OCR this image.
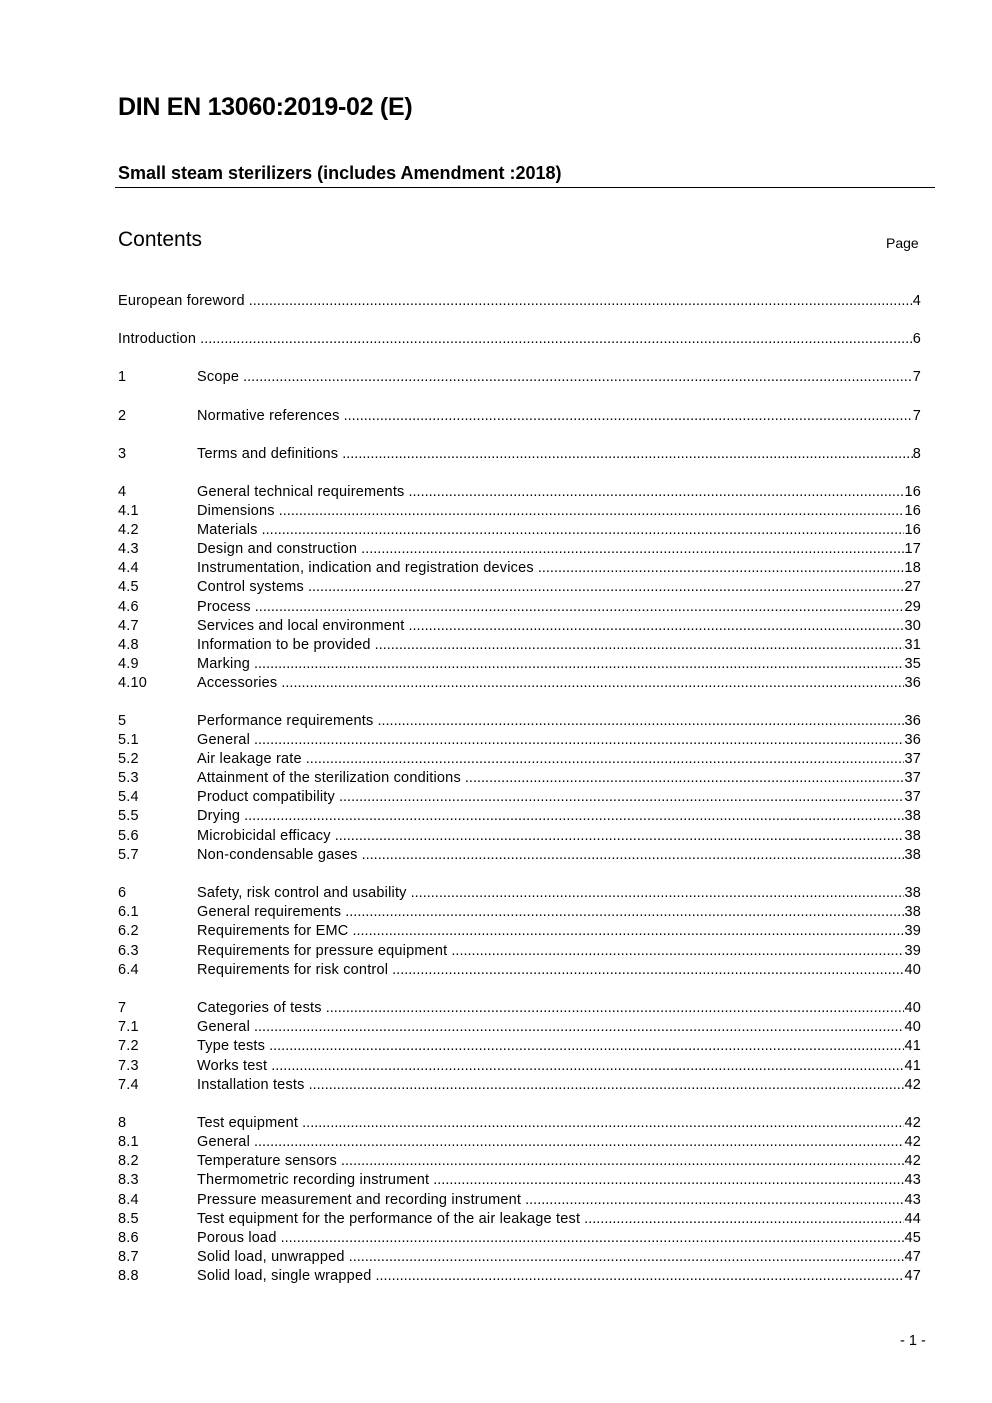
DIN EN 13060:2019-02 (E)
Small steam sterilizers (includes Amendment :2018)
Contents	Page
European foreword .....	4
Introduction .....	6
1	Scope .....	7
2	Normative references .....	7
3	Terms and definitions .....	8
4	General technical requirements .....	16
4.1	Dimensions .....	16
4.2	Materials .....	16
4.3	Design and construction .....	17
4.4	Instrumentation, indication and registration devices .....	18
4.5	Control systems .....	27
4.6	Process .....	29
4.7	Services and local environment .....	30
4.8	Information to be provided .....	31
4.9	Marking .....	35
4.10	Accessories .....	36
5	Performance requirements .....	36
5.1	General .....	36
5.2	Air leakage rate .....	37
5.3	Attainment of the sterilization conditions .....	37
5.4	Product compatibility .....	37
5.5	Drying .....	38
5.6	Microbicidal efficacy .....	38
5.7	Non-condensable gases .....	38
6	Safety, risk control and usability .....	38
6.1	General requirements .....	38
6.2	Requirements for EMC .....	39
6.3	Requirements for pressure equipment .....	39
6.4	Requirements for risk control .....	40
7	Categories of tests .....	40
7.1	General .....	40
7.2	Type tests .....	41
7.3	Works test .....	41
7.4	Installation tests .....	42
8	Test equipment .....	42
8.1	General .....	42
8.2	Temperature sensors .....	42
8.3	Thermometric recording instrument .....	43
8.4	Pressure measurement and recording instrument .....	43
8.5	Test equipment for the performance of the air leakage test .....	44
8.6	Porous load .....	45
8.7	Solid load, unwrapped .....	47
8.8	Solid load, single wrapped .....	47
- 1 -
